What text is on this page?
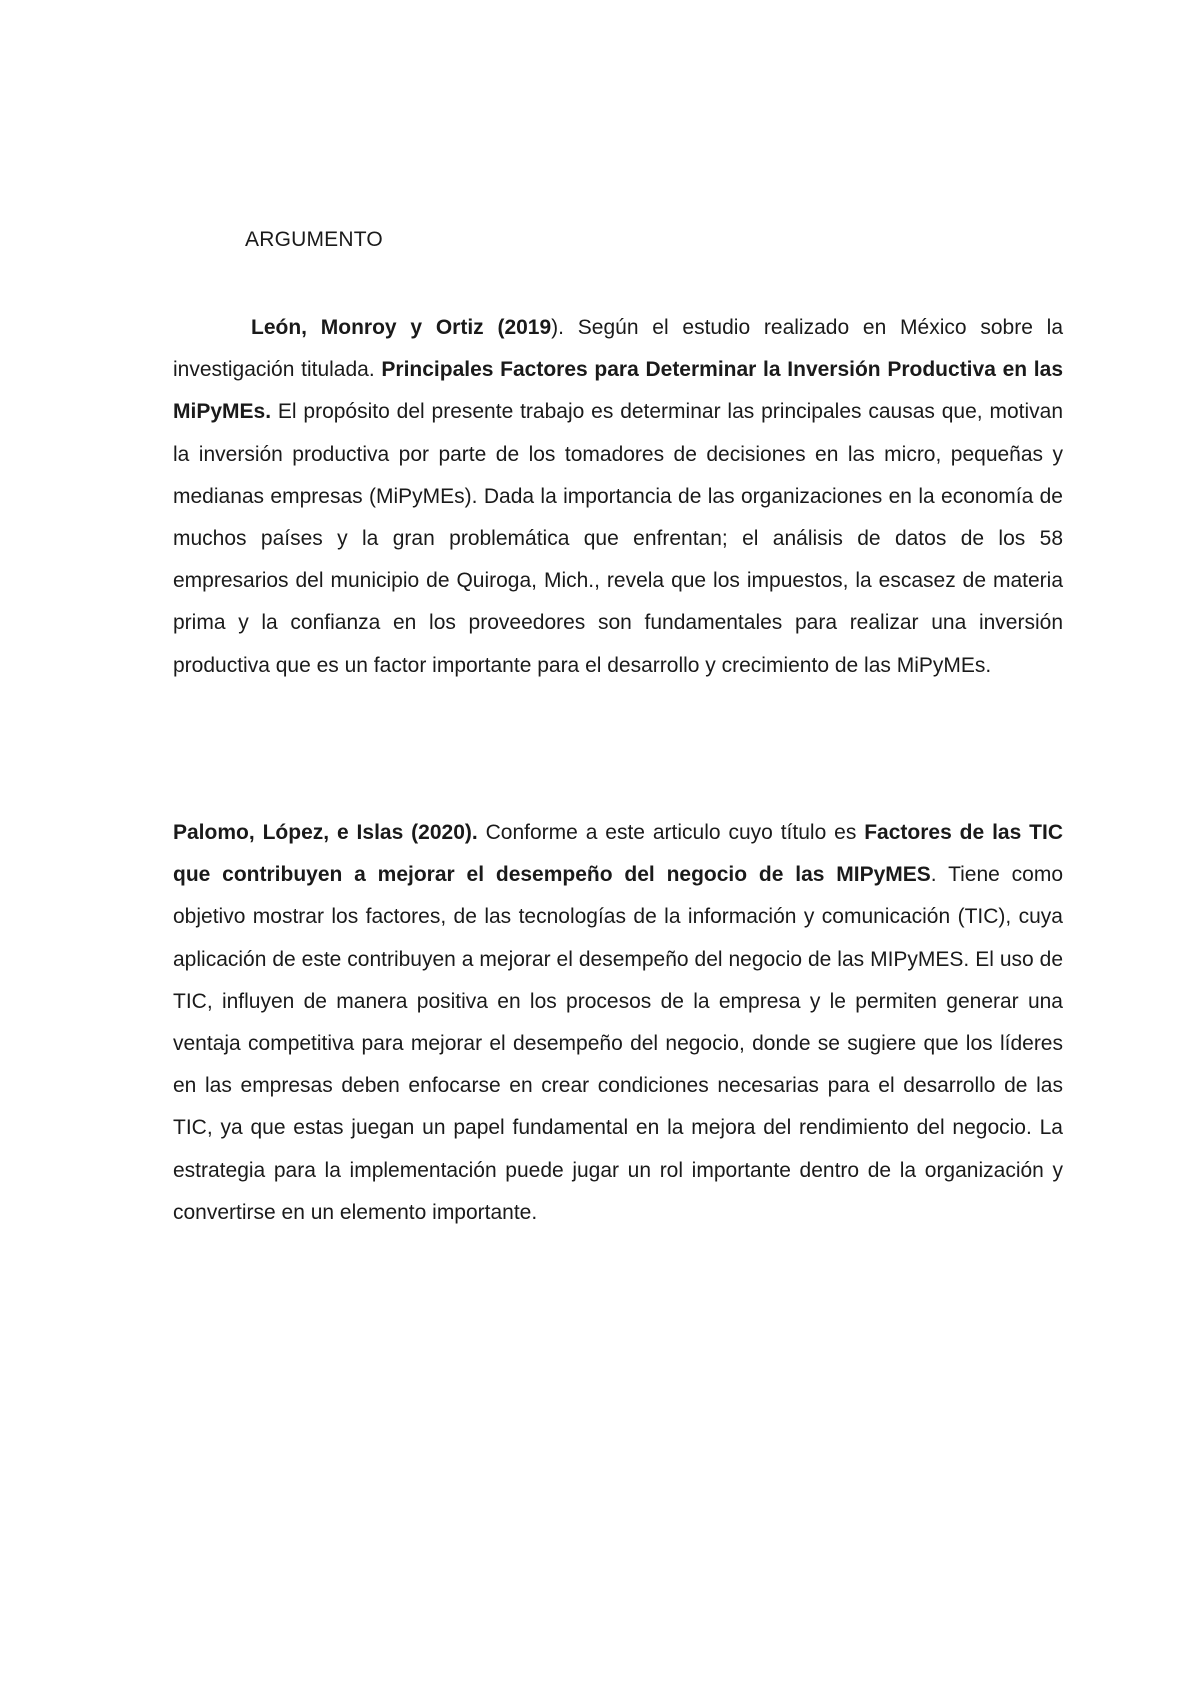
ARGUMENTO
León, Monroy y Ortiz (2019). Según el estudio realizado en México sobre la investigación titulada. Principales Factores para Determinar la Inversión Productiva en las MiPyMEs. El propósito del presente trabajo es determinar las principales causas que, motivan la inversión productiva por parte de los tomadores de decisiones en las micro, pequeñas y medianas empresas (MiPyMEs). Dada la importancia de las organizaciones en la economía de muchos países y la gran problemática que enfrentan; el análisis de datos de los 58 empresarios del municipio de Quiroga, Mich., revela que los impuestos, la escasez de materia prima y la confianza en los proveedores son fundamentales para realizar una inversión productiva que es un factor importante para el desarrollo y crecimiento de las MiPyMEs.
Palomo, López, e Islas (2020). Conforme a este articulo cuyo título es Factores de las TIC que contribuyen a mejorar el desempeño del negocio de las MIPyMES. Tiene como objetivo mostrar los factores, de las tecnologías de la información y comunicación (TIC), cuya aplicación de este contribuyen a mejorar el desempeño del negocio de las MIPyMES. El uso de TIC, influyen de manera positiva en los procesos de la empresa y le permiten generar una ventaja competitiva para mejorar el desempeño del negocio, donde se sugiere que los líderes en las empresas deben enfocarse en crear condiciones necesarias para el desarrollo de las TIC, ya que estas juegan un papel fundamental en la mejora del rendimiento del negocio. La estrategia para la implementación puede jugar un rol importante dentro de la organización y convertirse en un elemento importante.
